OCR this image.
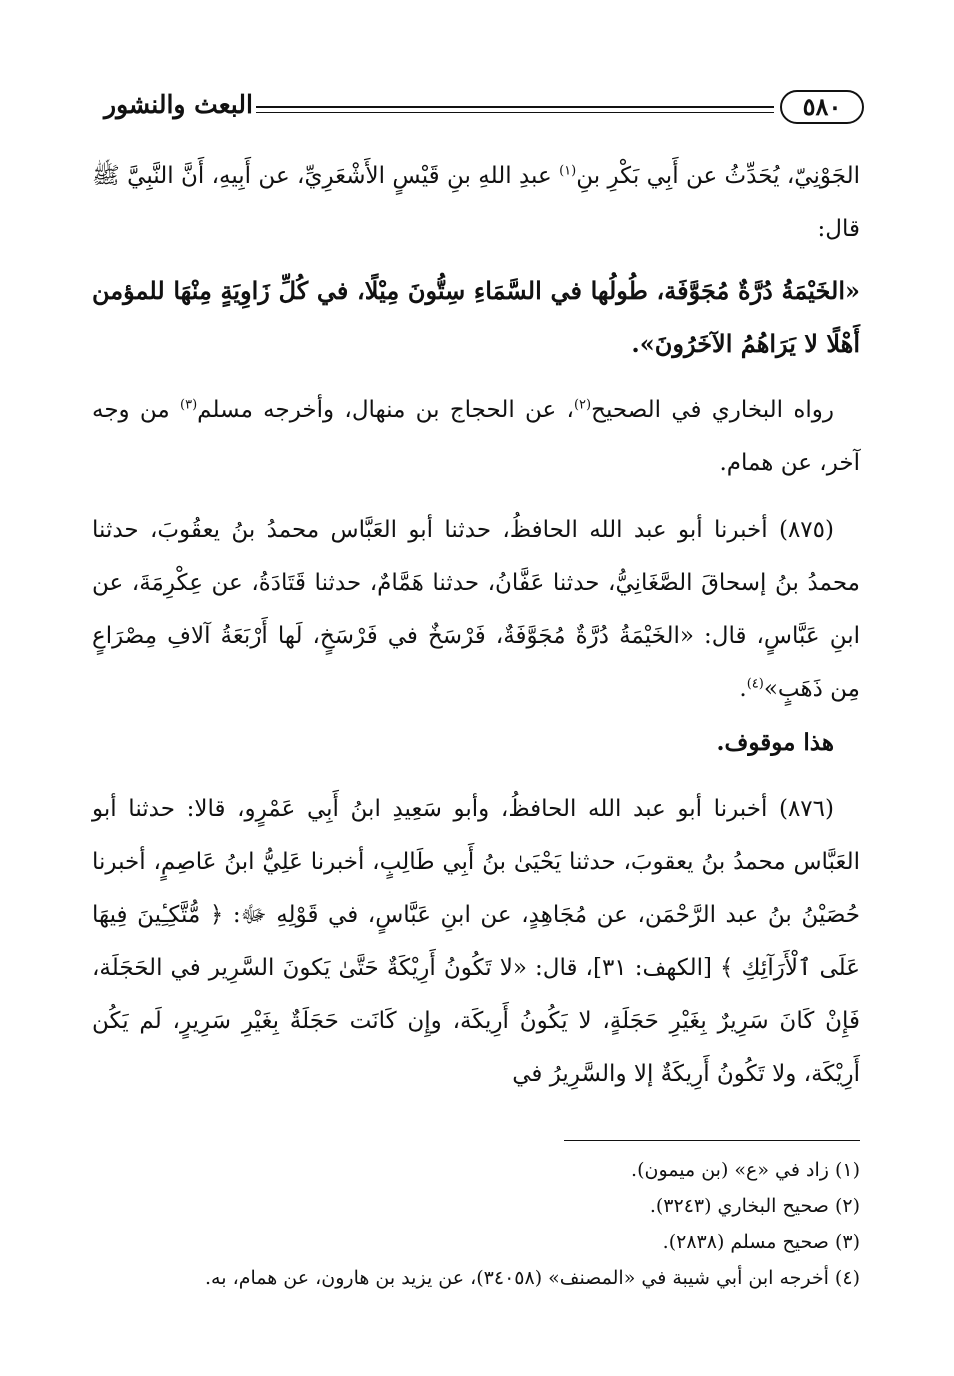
البعث والنشور	٥٨٠

الجَوْنِيّ، يُحَدِّثُ عن أَبِي بَكْرِ بنِ$^{(١)}$ عبدِ اللهِ بنِ قَيْسٍ الأَشْعَرِيِّ، عن أَبِيهِ، أَنَّ النَّبِيَّ ﷺ قال:

«الخَيْمَةُ دُرَّةٌ مُجَوَّفَة، طُولُها في السَّمَاءِ سِتُّونَ مِيْلًا، في كُلِّ زَاوِيَةٍ مِنْهَا للمؤمن أَهْلًا لا يَرَاهُمُ الآخَرُونَ».

رواه البخاري في الصحيح$^{(٢)}$، عن الحجاج بن منهال، وأخرجه مسلم$^{(٣)}$ من وجه آخر، عن همام.

(٨٧٥) أخبرنا أبو عبد الله الحافظُ، حدثنا أبو العَبَّاس محمدُ بنُ يعقُوبَ، حدثنا محمدُ بنُ إسحاقَ الصَّغَانِيُّ، حدثنا عَفَّانُ، حدثنا هَمَّامٌ، حدثنا قَتَادَةُ، عن عِكْرِمَةَ، عن ابنِ عَبَّاسٍ، قال: «الخَيْمَةُ دُرَّةٌ مُجَوَّفَةٌ، فَرْسَخٌ في فَرْسَخٍ، لَها أَرْبَعَةُ آلافِ مِصْرَاعٍ مِن ذَهَبٍ»$^{(٤)}$.

هذا موقوف.

(٨٧٦) أخبرنا أبو عبد الله الحافظُ، وأبو سَعِيدِ ابنُ أَبِي عَمْرٍو، قالا: حدثنا أبو العَبَّاس محمدُ بنُ يعقوبَ، حدثنا يَحْيَىٰ بنُ أَبِي طَالِبٍ، أخبرنا عَلِيُّ ابنُ عَاصِمٍ، أخبرنا حُصَيْنُ بنُ عبد الرَّحْمَن، عن مُجَاهِدٍ، عن ابنِ عَبَّاسٍ، في قَوْلِهِ ﷻ: ﴿ مُّتَّكِـِٔينَ فِيهَا عَلَى ٱلْأَرَآئِكِ ﴾ [الكهف: ٣١]، قال: «لا تَكُونُ أَرِيْكَةٌ حَتَّىٰ يَكونَ السَّرِير في الحَجَلَة، فَإِنْ كَانَ سَرِيرٌ بِغَيْرِ حَجَلَةٍ، لا يَكُونُ أَرِيكَة، وإِن كَانَت حَجَلَةٌ بِغَيْرِ سَرِيرٍ، لَم يَكُن أَرِيْكَة، ولا تَكُونُ أَرِيكَةٌ إلا والسَّرِيرُ في

(١) زاد في «ع» (بن ميمون).
(٢) صحيح البخاري (٣٢٤٣).
(٣) صحيح مسلم (٢٨٣٨).
(٤) أخرجه ابن أبي شيبة في «المصنف» (٣٤٠٥٨)، عن يزيد بن هارون، عن همام، به.
